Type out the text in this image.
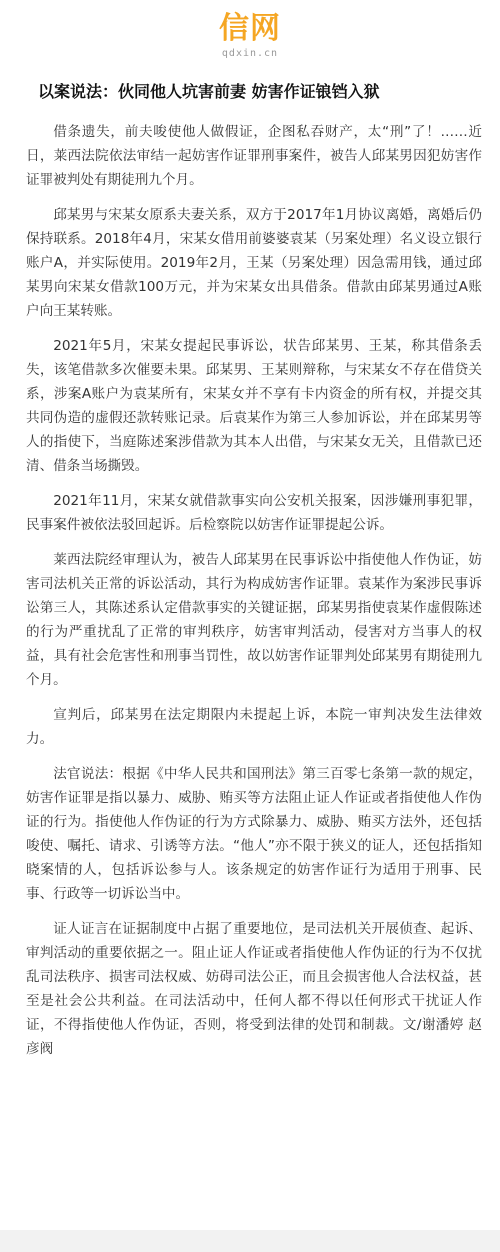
信网
qdxin.cn
以案说法：伙同他人坑害前妻 妨害作证锒铛入狱

借条遗失，前夫唆使他人做假证，企图私吞财产，太“刑”了！……近日，莱西法院依法审结一起妨害作证罪刑事案件，被告人邱某男因犯妨害作证罪被判处有期徒刑九个月。

邱某男与宋某女原系夫妻关系，双方于2017年1月协议离婚，离婚后仍保持联系。2018年4月，宋某女借用前婆婆袁某（另案处理）名义设立银行账户A，并实际使用。2019年2月，王某（另案处理）因急需用钱，通过邱某男向宋某女借款100万元，并为宋某女出具借条。借款由邱某男通过A账户向王某转账。

2021年5月，宋某女提起民事诉讼，状告邱某男、王某，称其借条丢失，该笔借款多次催要未果。邱某男、王某则辩称，与宋某女不存在借贷关系，涉案A账户为袁某所有，宋某女并不享有卡内资金的所有权，并提交其共同伪造的虚假还款转账记录。后袁某作为第三人参加诉讼，并在邱某男等人的指使下，当庭陈述案涉借款为其本人出借，与宋某女无关，且借款已还清、借条当场撕毁。

2021年11月，宋某女就借款事实向公安机关报案，因涉嫌刑事犯罪，民事案件被依法驳回起诉。后检察院以妨害作证罪提起公诉。

莱西法院经审理认为，被告人邱某男在民事诉讼中指使他人作伪证，妨害司法机关正常的诉讼活动，其行为构成妨害作证罪。袁某作为案涉民事诉讼第三人，其陈述系认定借款事实的关键证据，邱某男指使袁某作虚假陈述的行为严重扰乱了正常的审判秩序，妨害审判活动，侵害对方当事人的权益，具有社会危害性和刑事当罚性，故以妨害作证罪判处邱某男有期徒刑九个月。

宣判后，邱某男在法定期限内未提起上诉，本院一审判决发生法律效力。

法官说法：根据《中华人民共和国刑法》第三百零七条第一款的规定，妨害作证罪是指以暴力、威胁、贿买等方法阻止证人作证或者指使他人作伪证的行为。指使他人作伪证的行为方式除暴力、威胁、贿买方法外，还包括唆使、嘱托、请求、引诱等方法。“他人”亦不限于狭义的证人，还包括指知晓案情的人，包括诉讼参与人。该条规定的妨害作证行为适用于刑事、民事、行政等一切诉讼当中。

证人证言在证据制度中占据了重要地位，是司法机关开展侦查、起诉、审判活动的重要依据之一。阻止证人作证或者指使他人作伪证的行为不仅扰乱司法秩序、损害司法权威、妨碍司法公正，而且会损害他人合法权益，甚至是社会公共利益。在司法活动中，任何人都不得以任何形式干扰证人作证，不得指使他人作伪证，否则，将受到法律的处罚和制裁。文/谢潘婷 赵彦阀
